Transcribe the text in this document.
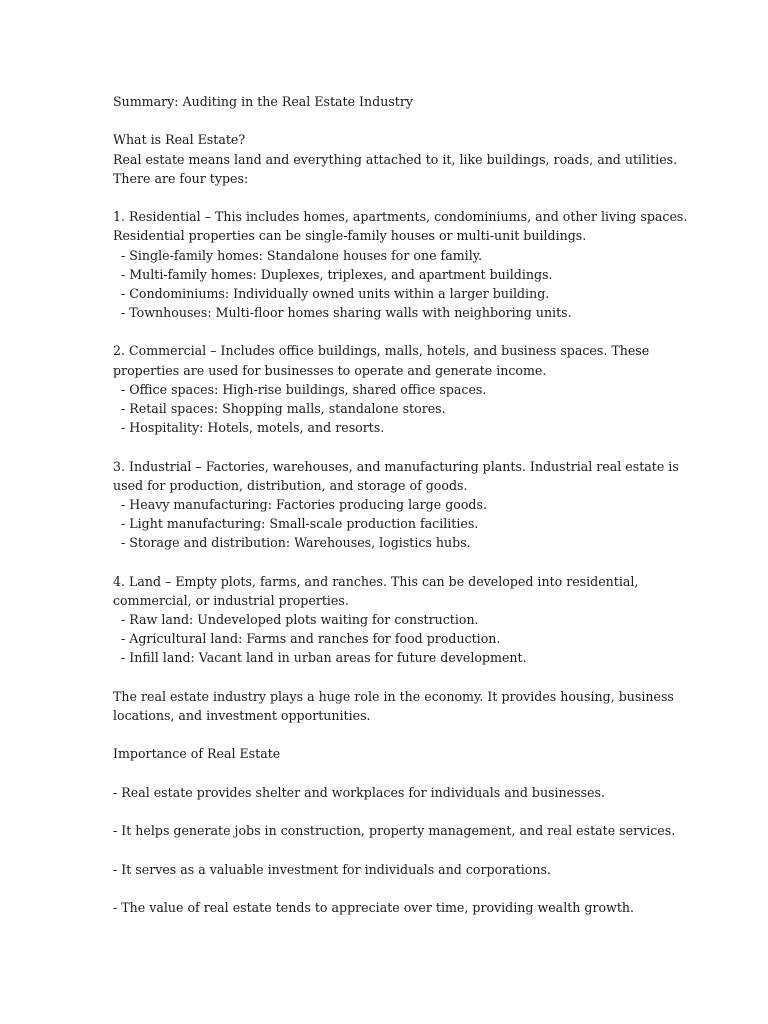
Summary: Auditing in the Real Estate Industry
What is Real Estate?
Real estate means land and everything attached to it, like buildings, roads, and utilities.
There are four types:
1. Residential – This includes homes, apartments, condominiums, and other living spaces.
Residential properties can be single-family houses or multi-unit buildings.
- Single-family homes: Standalone houses for one family.
- Multi-family homes: Duplexes, triplexes, and apartment buildings.
- Condominiums: Individually owned units within a larger building.
- Townhouses: Multi-floor homes sharing walls with neighboring units.
2. Commercial – Includes office buildings, malls, hotels, and business spaces. These
properties are used for businesses to operate and generate income.
- Office spaces: High-rise buildings, shared office spaces.
- Retail spaces: Shopping malls, standalone stores.
- Hospitality: Hotels, motels, and resorts.
3. Industrial – Factories, warehouses, and manufacturing plants. Industrial real estate is
used for production, distribution, and storage of goods.
- Heavy manufacturing: Factories producing large goods.
- Light manufacturing: Small-scale production facilities.
- Storage and distribution: Warehouses, logistics hubs.
4. Land – Empty plots, farms, and ranches. This can be developed into residential,
commercial, or industrial properties.
- Raw land: Undeveloped plots waiting for construction.
- Agricultural land: Farms and ranches for food production.
- Infill land: Vacant land in urban areas for future development.
The real estate industry plays a huge role in the economy. It provides housing, business
locations, and investment opportunities.
Importance of Real Estate
- Real estate provides shelter and workplaces for individuals and businesses.
- It helps generate jobs in construction, property management, and real estate services.
- It serves as a valuable investment for individuals and corporations.
- The value of real estate tends to appreciate over time, providing wealth growth.
